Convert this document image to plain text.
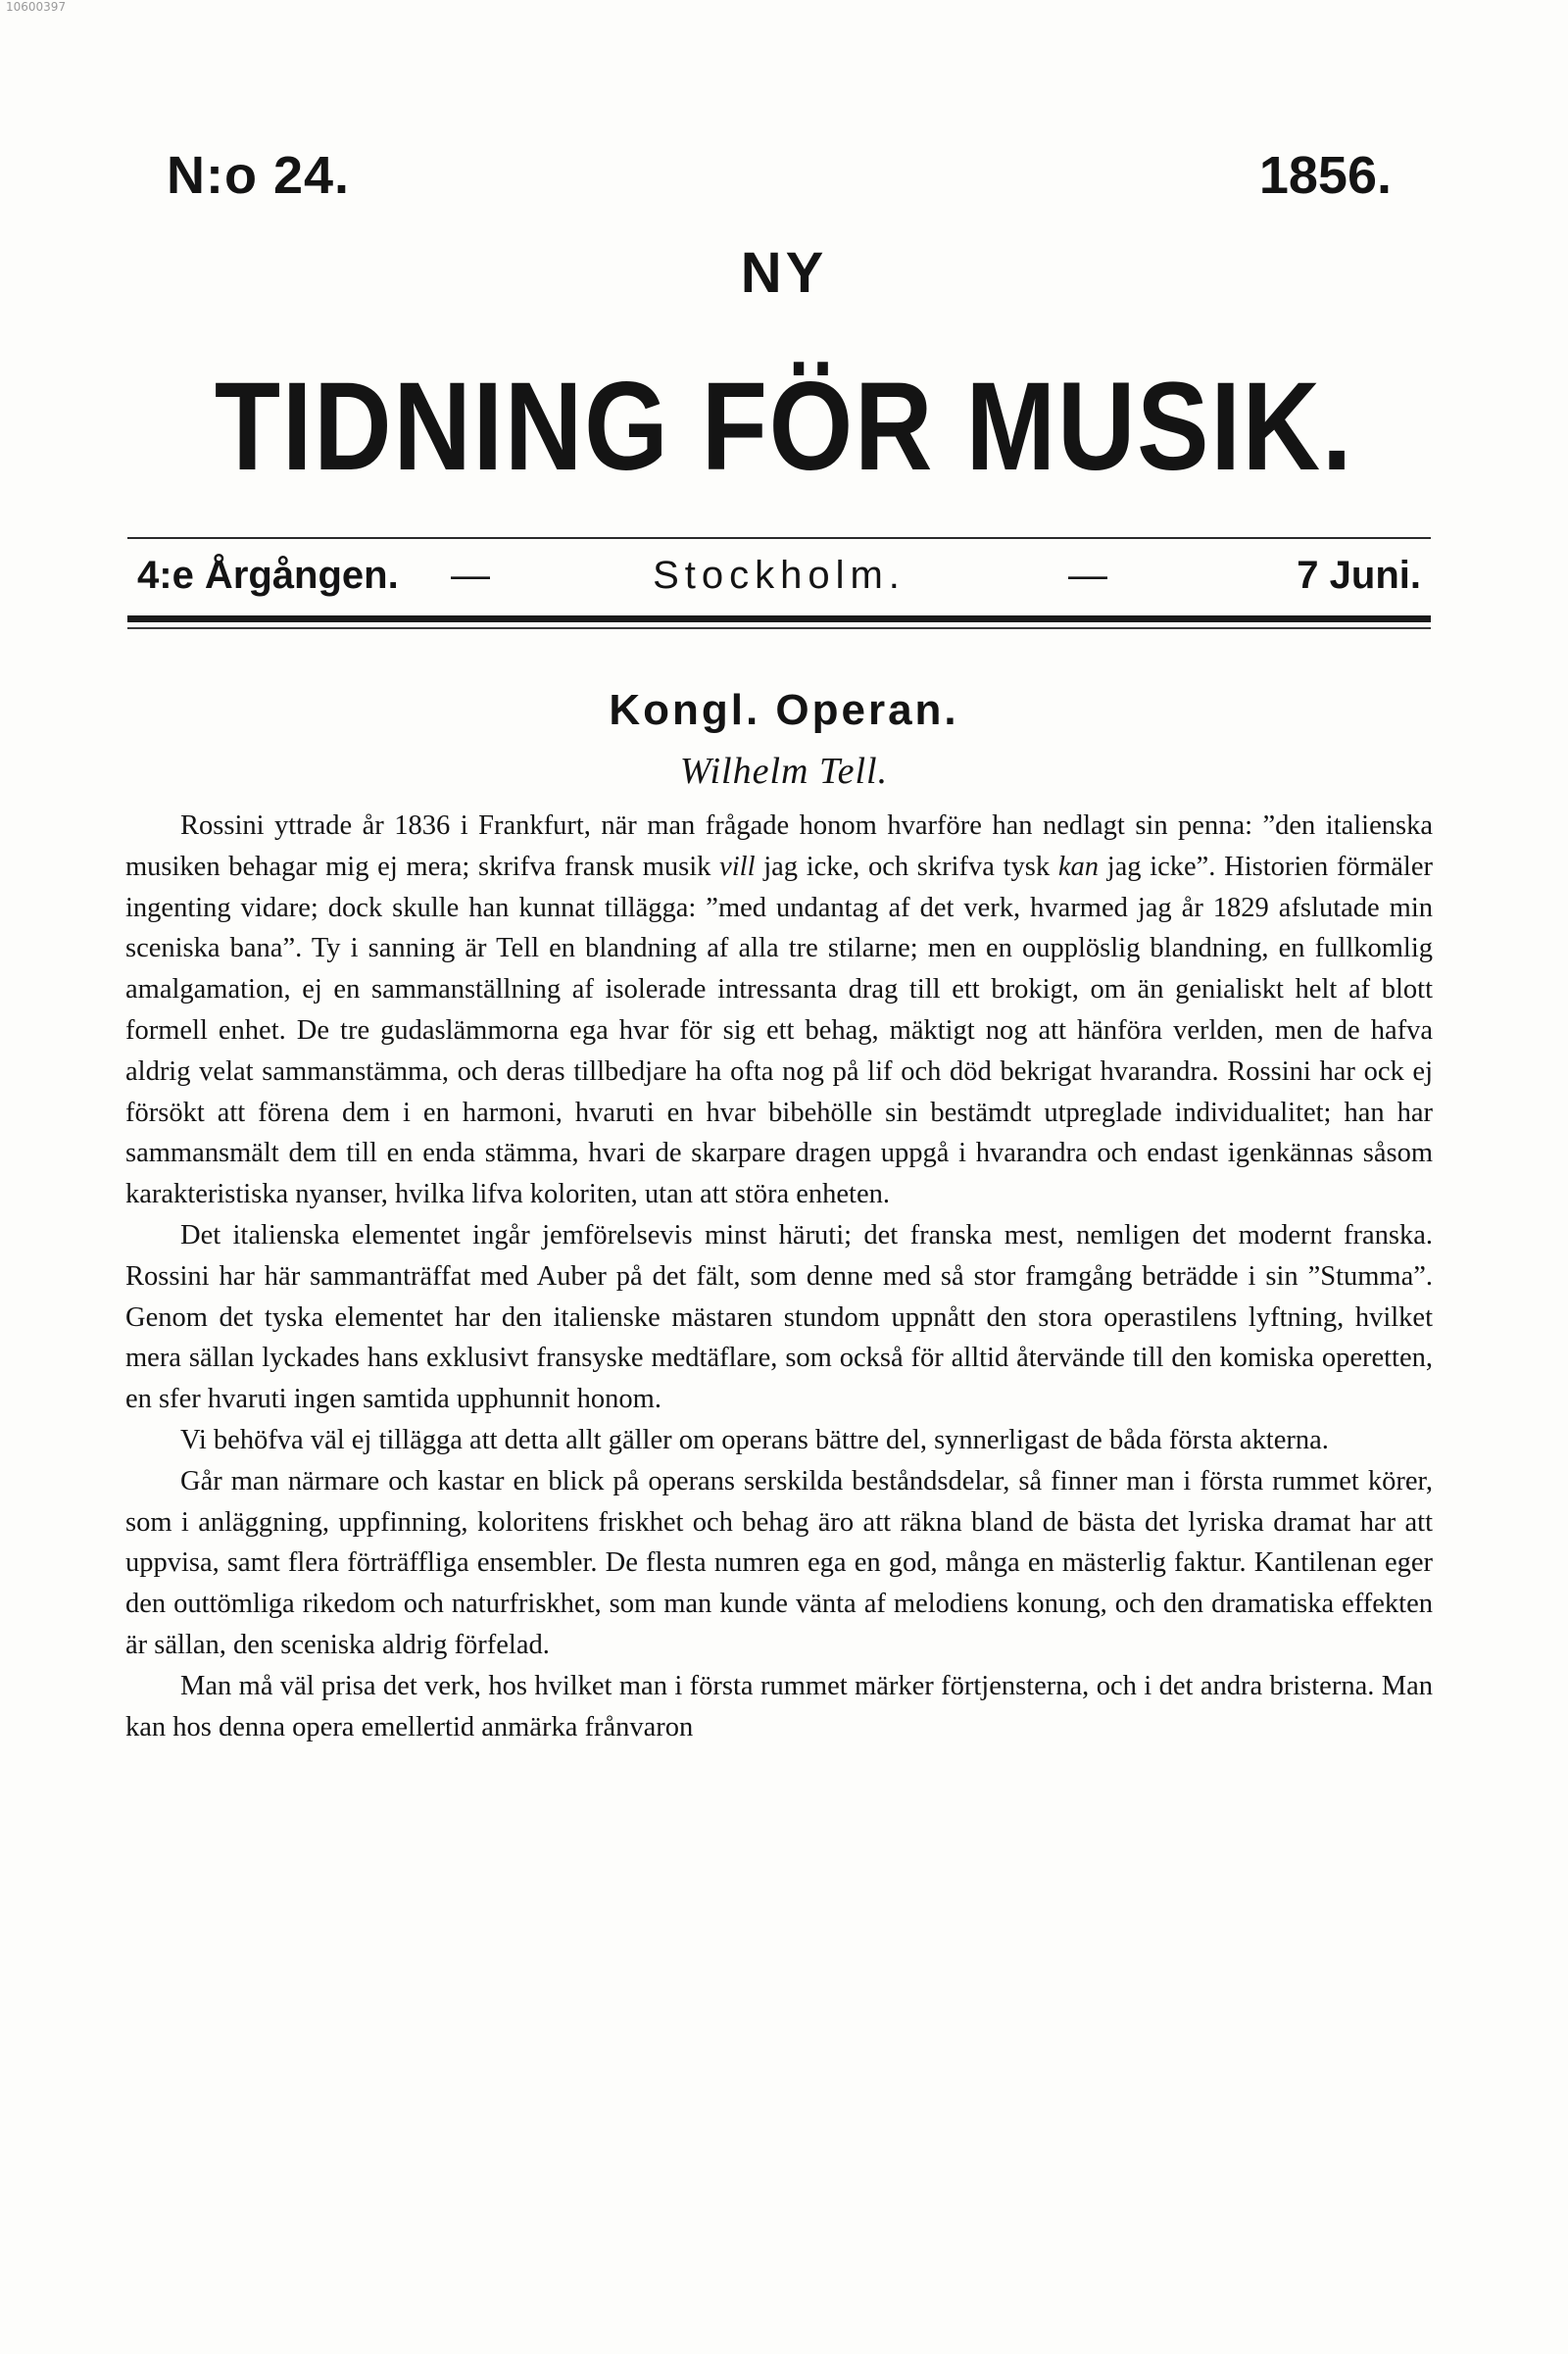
10600397
N:o 24.	1856.
NY
TIDNING FÖR MUSIK.
4:e Årgången. —	Stockholm.	—	7 Juni.
Kongl. Operan.
Wilhelm Tell.

Rossini yttrade år 1836 i Frankfurt, när man frågade honom hvarföre han nedlagt sin penna: ”den italienska musiken behagar mig ej mera; skrifva fransk musik vill jag icke, och skrifva tysk kan jag icke”. Historien förmäler ingenting vidare; dock skulle han kunnat tillägga: ”med undantag af det verk, hvarmed jag år 1829 afslutade min sceniska bana”. Ty i sanning är Tell en blandning af alla tre stilarne; men en oupplöslig blandning, en fullkomlig amalgamation, ej en sammanställning af isolerade intressanta drag till ett brokigt, om än genialiskt helt af blott formell enhet. De tre gudaslämmorna ega hvar för sig ett behag, mäktigt nog att hänföra verlden, men de hafva aldrig velat sammanstämma, och deras tillbedjare ha ofta nog på lif och död bekrigat hvarandra. Rossini har ock ej försökt att förena dem i en harmoni, hvaruti en hvar bibehölle sin bestämdt utpreglade individualitet; han har sammansmält dem till en enda stämma, hvari de skarpare dragen uppgå i hvarandra och endast igenkännas såsom karakteristiska nyanser, hvilka lifva koloriten, utan att störa enheten.

Det italienska elementet ingår jemförelsevis minst häruti; det franska mest, nemligen det modernt franska. Rossini har här sammanträffat med Auber på det fält, som denne med så stor framgång beträdde i sin ”Stumma”. Genom det tyska elementet har den italienske mästaren stundom uppnått den stora operastilens lyftning, hvilket mera sällan lyckades hans exklusivt fransyske medtäflare, som också för alltid återvände till den komiska operetten, en sfer hvaruti ingen samtida upphunnit honom.

Vi behöfva väl ej tillägga att detta allt gäller om operans bättre del, synnerligast de båda första akterna.

Går man närmare och kastar en blick på operans serskilda beståndsdelar, så finner man i första rummet körer, som i anläggning, uppfinning, koloritens friskhet och behag äro att räkna bland de bästa det lyriska dramat har att uppvisa, samt flera förträffliga ensembler. De flesta numren ega en god, många en mästerlig faktur. Kantilenan eger den outtömliga rikedom och naturfriskhet, som man kunde vänta af melodiens konung, och den dramatiska effekten är sällan, den sceniska aldrig förfelad.

Man må väl prisa det verk, hos hvilket man i första rummet märker förtjensterna, och i det andra bristerna. Man kan hos denna opera emellertid anmärka frånvaron
